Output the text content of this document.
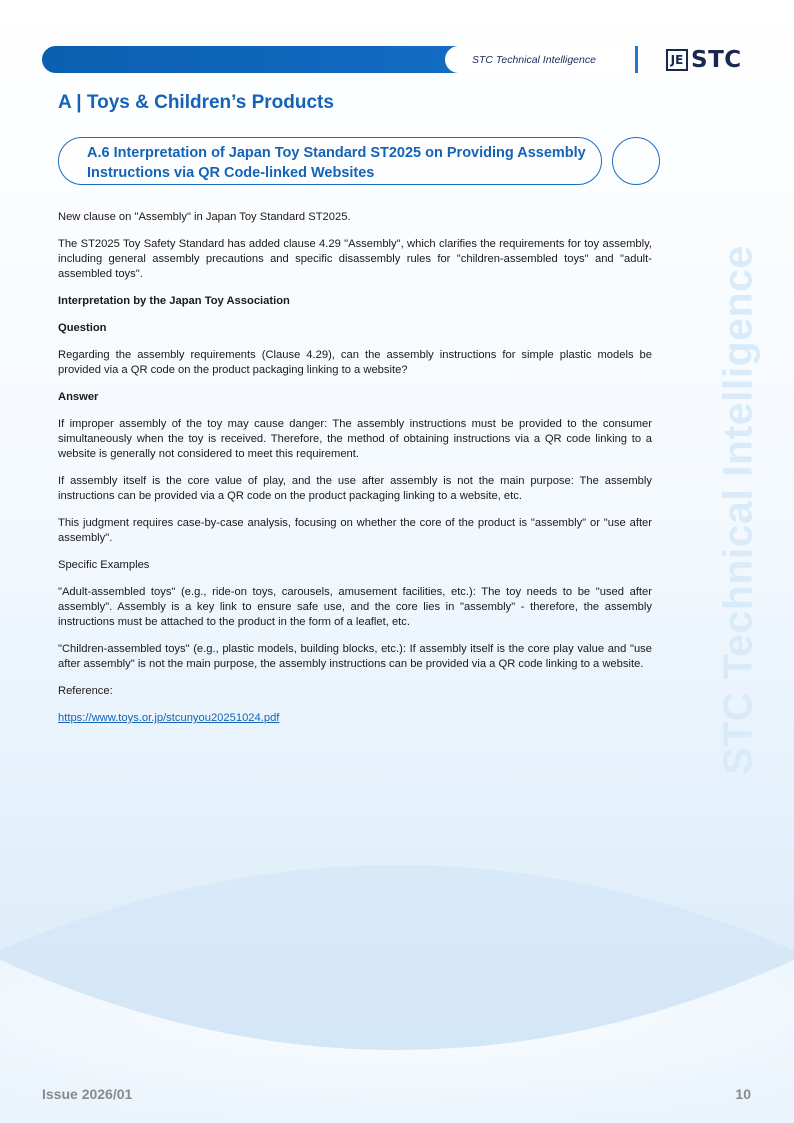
STC Technical Intelligence	JE STC
A | Toys & Children’s Products
A.6 Interpretation of Japan Toy Standard ST2025 on Providing Assembly Instructions via QR Code-linked Websites
STC Technical Intelligence

New clause on "Assembly" in Japan Toy Standard ST2025.

The ST2025 Toy Safety Standard has added clause 4.29 "Assembly", which clarifies the requirements for toy assembly, including general assembly precautions and specific disassembly rules for "children-assembled toys" and "adult-assembled toys".

Interpretation by the Japan Toy Association

Question

Regarding the assembly requirements (Clause 4.29), can the assembly instructions for simple plastic models be provided via a QR code on the product packaging linking to a website?

Answer

If improper assembly of the toy may cause danger: The assembly instructions must be provided to the consumer simultaneously when the toy is received. Therefore, the method of obtaining instructions via a QR code linking to a website is generally not considered to meet this requirement.

If assembly itself is the core value of play, and the use after assembly is not the main purpose: The assembly instructions can be provided via a QR code on the product packaging linking to a website, etc.

This judgment requires case-by-case analysis, focusing on whether the core of the product is "assembly" or "use after assembly".

Specific Examples

"Adult-assembled toys" (e.g., ride-on toys, carousels, amusement facilities, etc.): The toy needs to be "used after assembly". Assembly is a key link to ensure safe use, and the core lies in "assembly" - therefore, the assembly instructions must be attached to the product in the form of a leaflet, etc.

"Children-assembled toys" (e.g., plastic models, building blocks, etc.): If assembly itself is the core play value and "use after assembly" is not the main purpose, the assembly instructions can be provided via a QR code linking to a website.

Reference:

https://www.toys.or.jp/stcunyou20251024.pdf

Issue 2026/01	10
